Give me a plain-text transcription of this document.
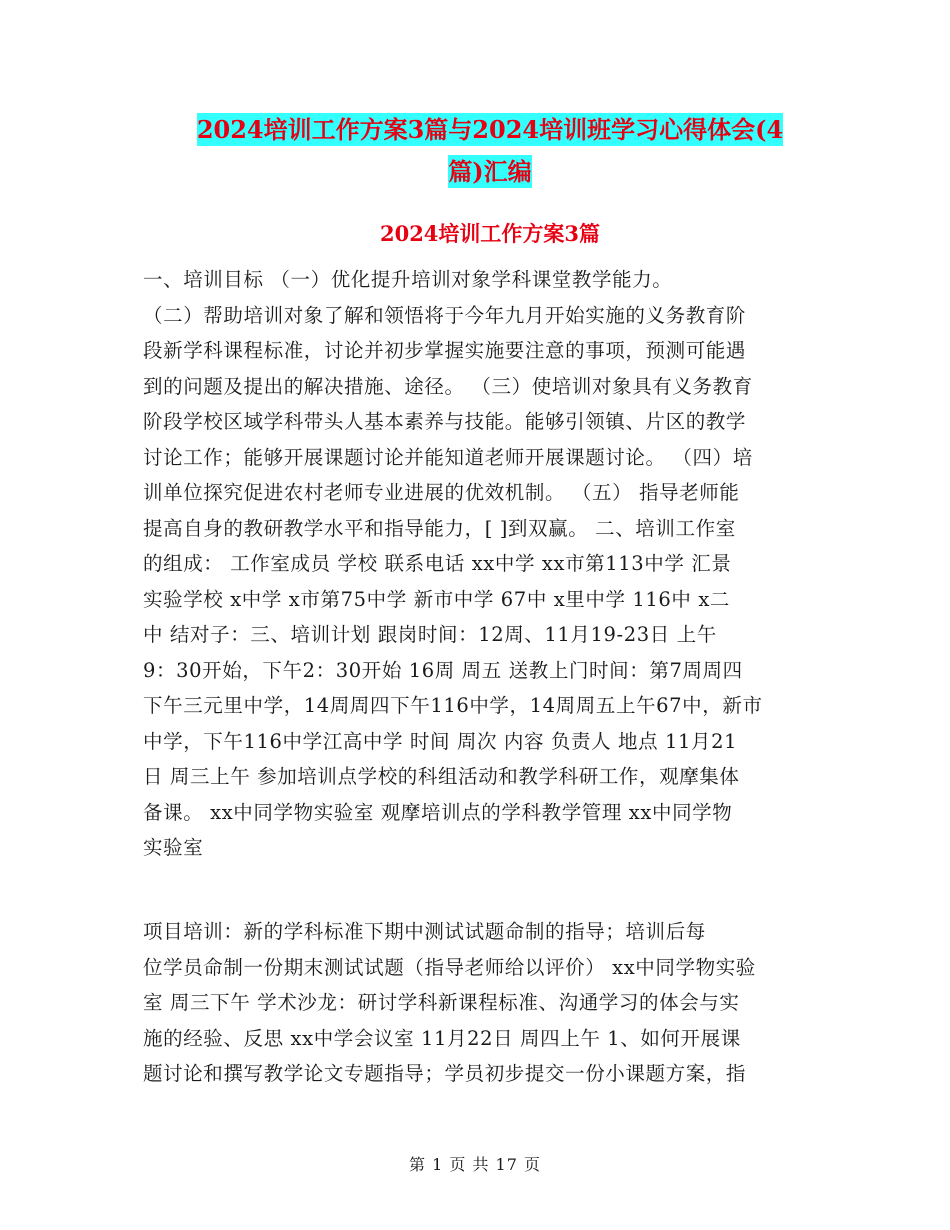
2024培训工作方案3篇与2024培训班学习心得体会(4
篇)汇编
2024培训工作方案3篇
一、培训目标 （一）优化提升培训对象学科课堂教学能力。
（二）帮助培训对象了解和领悟将于今年九月开始实施的义务教育阶
段新学科课程标准，讨论并初步掌握实施要注意的事项，预测可能遇
到的问题及提出的解决措施、途径。 （三）使培训对象具有义务教育
阶段学校区域学科带头人基本素养与技能。能够引领镇、片区的教学
讨论工作；能够开展课题讨论并能知道老师开展课题讨论。 （四）培
训单位探究促进农村老师专业进展的优效机制。 （五） 指导老师能
提高自身的教研教学水平和指导能力，[ ]到双赢。 二、培训工作室
的组成： 工作室成员 学校 联系电话 xx中学 xx市第113中学 汇景
实验学校 x中学 x市第75中学 新市中学 67中 x里中学 116中 x二
中 结对子：三、培训计划 跟岗时间：12周、11月19-23日 上午
9：30开始，下午2：30开始 16周 周五 送教上门时间：第7周周四
下午三元里中学，14周周四下午116中学，14周周五上午67中，新市
中学，下午116中学江高中学 时间 周次 内容 负责人 地点 11月21
日 周三上午 参加培训点学校的科组活动和教学科研工作，观摩集体
备课。 xx中同学物实验室 观摩培训点的学科教学管理 xx中同学物
实验室
项目培训：新的学科标准下期中测试试题命制的指导；培训后每
位学员命制一份期末测试试题（指导老师给以评价） xx中同学物实验
室 周三下午 学术沙龙：研讨学科新课程标准、沟通学习的体会与实
施的经验、反思 xx中学会议室 11月22日 周四上午 1、如何开展课
题讨论和撰写教学论文专题指导；学员初步提交一份小课题方案，指
第 1 页 共 17 页
